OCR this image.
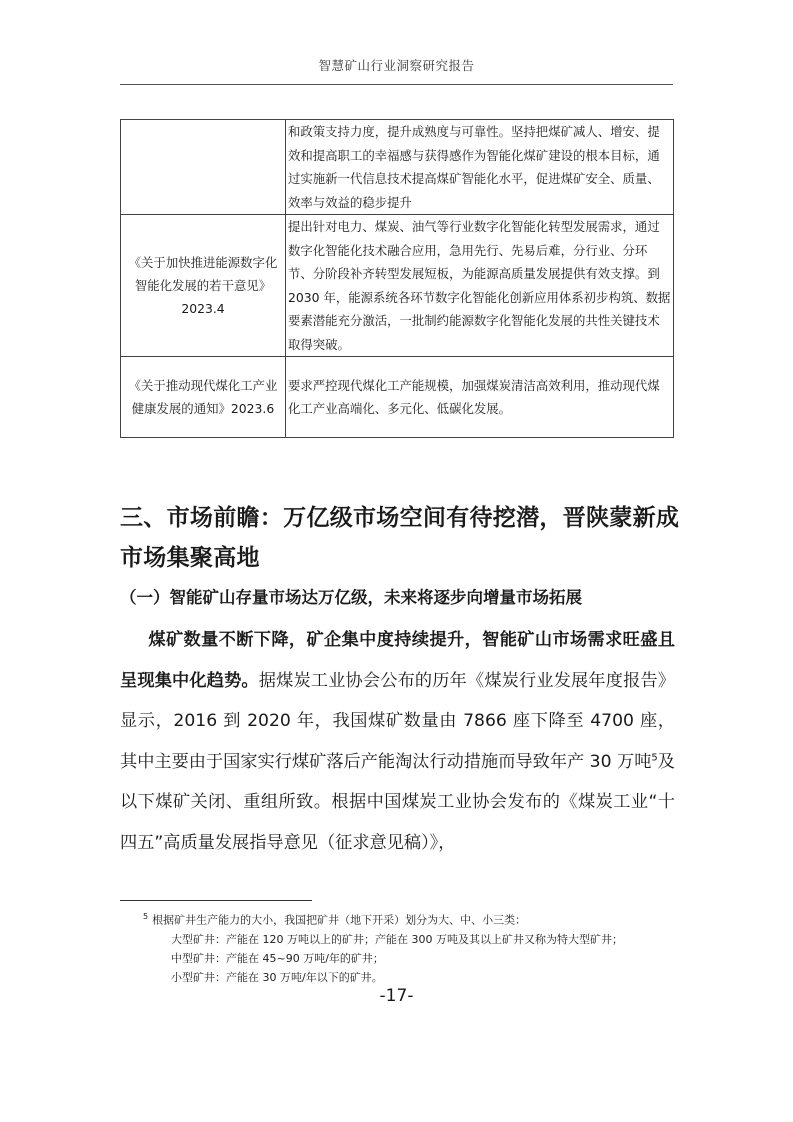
智慧矿山行业洞察研究报告
	和政策支持力度，提升成熟度与可靠性。坚持把煤矿减人、增安、提效和提高职工的幸福感与获得感作为智能化煤矿建设的根本目标，通过实施新一代信息技术提高煤矿智能化水平，促进煤矿安全、质量、效率与效益的稳步提升
《关于加快推进能源数字化智能化发展的若干意见》2023.4	提出针对电力、煤炭、油气等行业数字化智能化转型发展需求，通过数字化智能化技术融合应用，急用先行、先易后难，分行业、分环节、分阶段补齐转型发展短板，为能源高质量发展提供有效支撑。到 2030 年，能源系统各环节数字化智能化创新应用体系初步构筑、数据要素潜能充分激活，一批制约能源数字化智能化发展的共性关键技术取得突破。
《关于推动现代煤化工产业健康发展的通知》2023.6	要求严控现代煤化工产能规模，加强煤炭清洁高效利用，推动现代煤化工产业高端化、多元化、低碳化发展。
三、市场前瞻：万亿级市场空间有待挖潜，晋陕蒙新成市场集聚高地
（一）智能矿山存量市场达万亿级，未来将逐步向增量市场拓展
煤矿数量不断下降，矿企集中度持续提升，智能矿山市场需求旺盛且呈现集中化趋势。据煤炭工业协会公布的历年《煤炭行业发展年度报告》显示，2016 到 2020 年，我国煤矿数量由 7866 座下降至 4700 座，其中主要由于国家实行煤矿落后产能淘汰行动措施而导致年产 30 万吨$^5$及以下煤矿关闭、重组所致。根据中国煤炭工业协会发布的《煤炭工业“十四五”高质量发展指导意见（征求意见稿）》，
$^5$ 根据矿井生产能力的大小，我国把矿井（地下开采）划分为大、中、小三类：
大型矿井：产能在 120 万吨以上的矿井；产能在 300 万吨及其以上矿井又称为特大型矿井；
中型矿井：产能在 45~90 万吨/年的矿井；
小型矿井：产能在 30 万吨/年以下的矿井。
-17-
